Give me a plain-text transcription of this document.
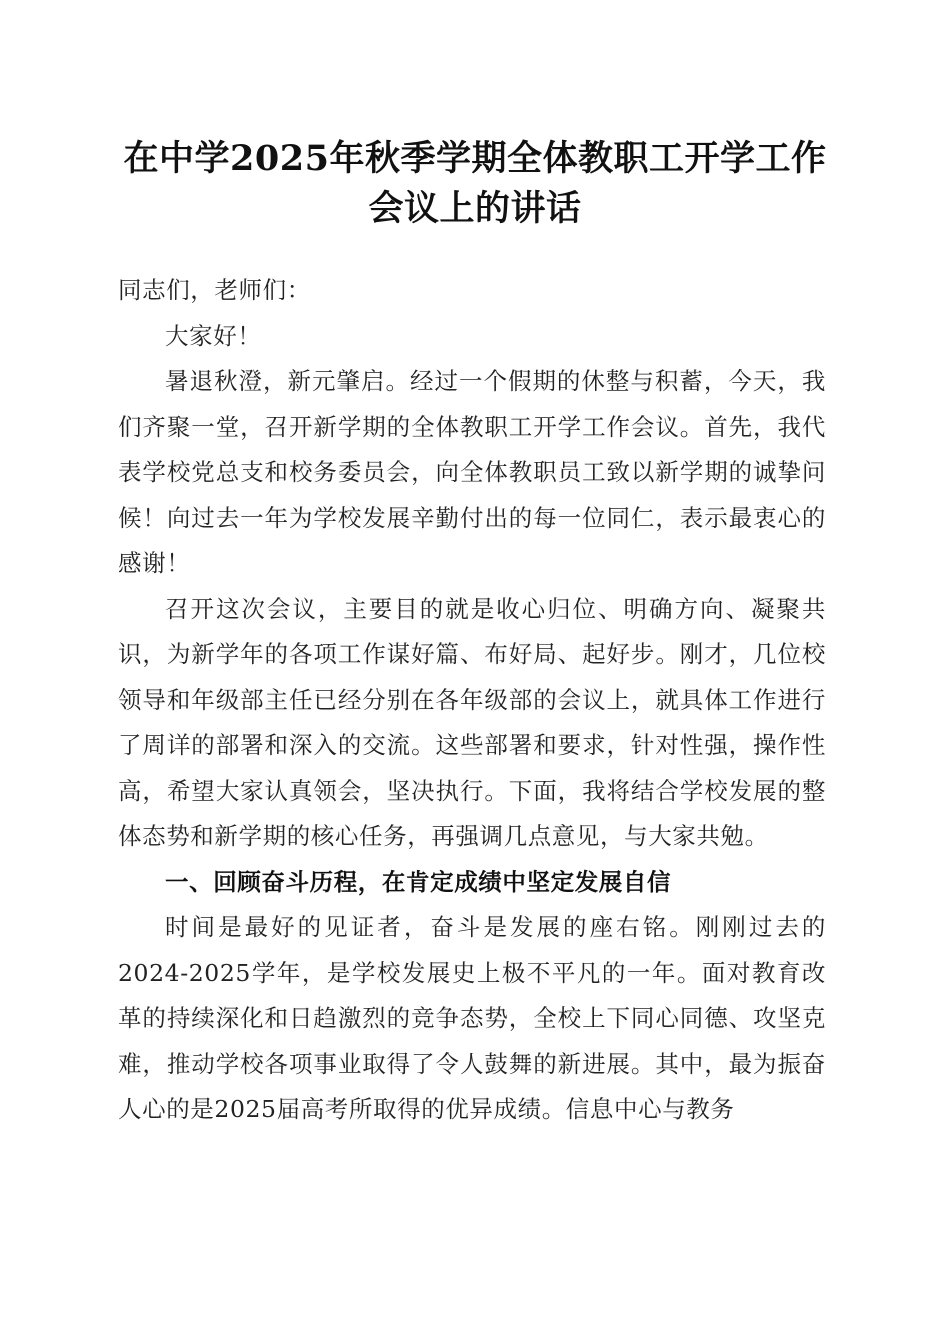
在中学2025年秋季学期全体教职工开学工作
会议上的讲话

同志们，老师们：

大家好！

暑退秋澄，新元肇启。经过一个假期的休整与积蓄，今天，我们齐聚一堂，召开新学期的全体教职工开学工作会议。首先，我代表学校党总支和校务委员会，向全体教职员工致以新学期的诚挚问候！向过去一年为学校发展辛勤付出的每一位同仁，表示最衷心的感谢！

召开这次会议，主要目的就是收心归位、明确方向、凝聚共识，为新学年的各项工作谋好篇、布好局、起好步。刚才，几位校领导和年级部主任已经分别在各年级部的会议上，就具体工作进行了周详的部署和深入的交流。这些部署和要求，针对性强，操作性高，希望大家认真领会，坚决执行。下面，我将结合学校发展的整体态势和新学期的核心任务，再强调几点意见，与大家共勉。

一、回顾奋斗历程，在肯定成绩中坚定发展自信

时间是最好的见证者，奋斗是发展的座右铭。刚刚过去的2024-2025学年，是学校发展史上极不平凡的一年。面对教育改革的持续深化和日趋激烈的竞争态势，全校上下同心同德、攻坚克难，推动学校各项事业取得了令人鼓舞的新进展。其中，最为振奋人心的是2025届高考所取得的优异成绩。信息中心与教务
